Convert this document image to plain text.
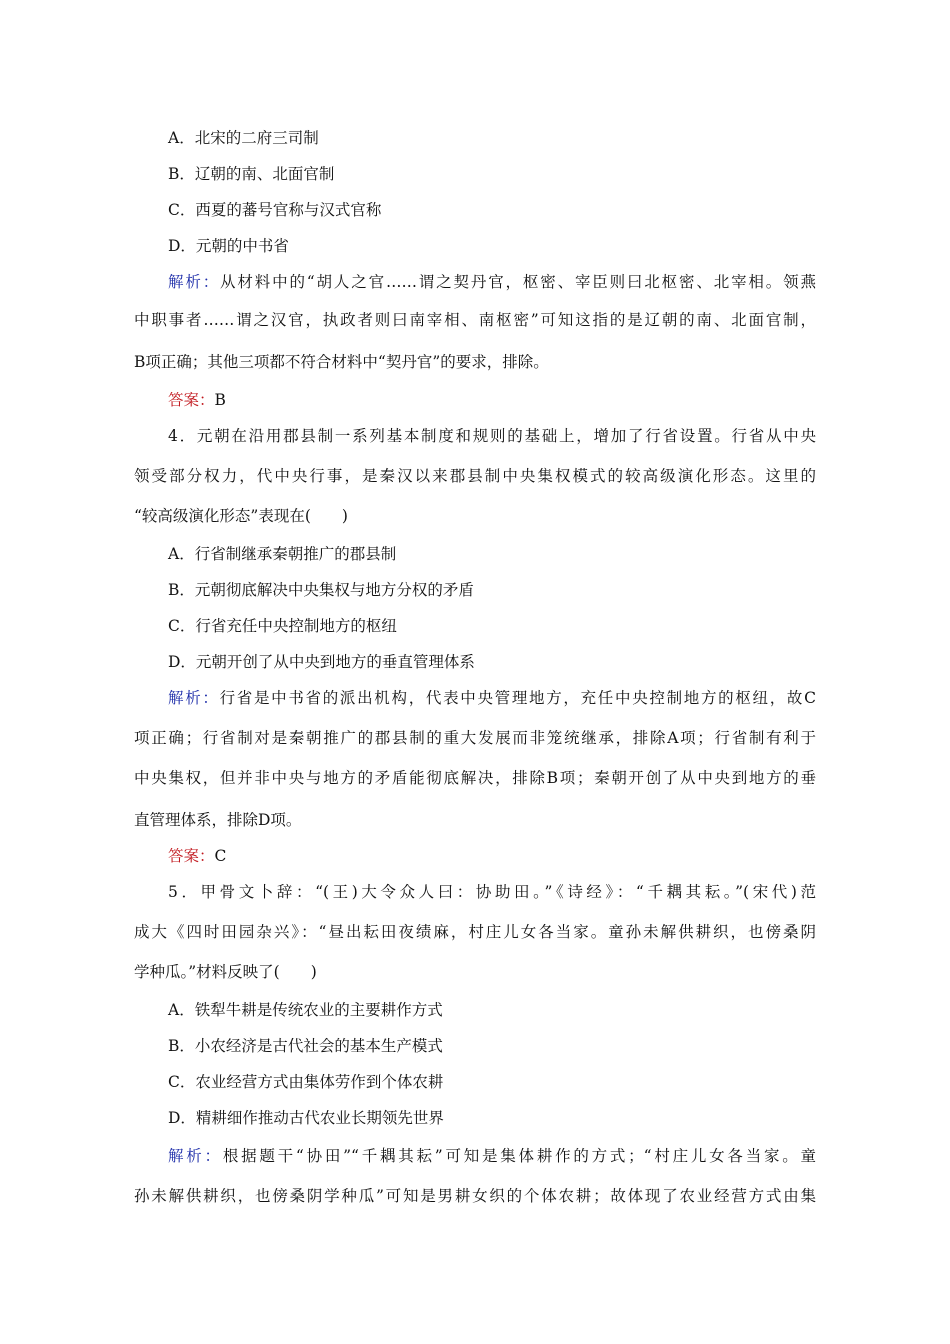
A．北宋的二府三司制
B．辽朝的南、北面官制
C．西夏的蕃号官称与汉式官称
D．元朝的中书省
解析：从材料中的“胡人之官……谓之契丹官，枢密、宰臣则曰北枢密、北宰相。领燕
中职事者……谓之汉官，执政者则曰南宰相、南枢密”可知这指的是辽朝的南、北面官制，
B项正确；其他三项都不符合材料中“契丹官”的要求，排除。
答案：B
4．元朝在沿用郡县制一系列基本制度和规则的基础上，增加了行省设置。行省从中央
领受部分权力，代中央行事，是秦汉以来郡县制中央集权模式的较高级演化形态。这里的
“较高级演化形态”表现在(　　)
A．行省制继承秦朝推广的郡县制
B．元朝彻底解决中央集权与地方分权的矛盾
C．行省充任中央控制地方的枢纽
D．元朝开创了从中央到地方的垂直管理体系
解析：行省是中书省的派出机构，代表中央管理地方，充任中央控制地方的枢纽，故C
项正确；行省制对是秦朝推广的郡县制的重大发展而非笼统继承，排除A项；行省制有利于
中央集权，但并非中央与地方的矛盾能彻底解决，排除B项；秦朝开创了从中央到地方的垂
直管理体系，排除D项。
答案：C
5．甲骨文卜辞：“(王)大令众人曰：协助田。”《诗经》：“千耦其耘。”(宋代)范
成大《四时田园杂兴》：“昼出耘田夜绩麻，村庄儿女各当家。童孙未解供耕织，也傍桑阴
学种瓜。”材料反映了(　　)
A．铁犁牛耕是传统农业的主要耕作方式
B．小农经济是古代社会的基本生产模式
C．农业经营方式由集体劳作到个体农耕
D．精耕细作推动古代农业长期领先世界
解析：根据题干“协田”“千耦其耘”可知是集体耕作的方式；“村庄儿女各当家。童
孙未解供耕织，也傍桑阴学种瓜”可知是男耕女织的个体农耕；故体现了农业经营方式由集
